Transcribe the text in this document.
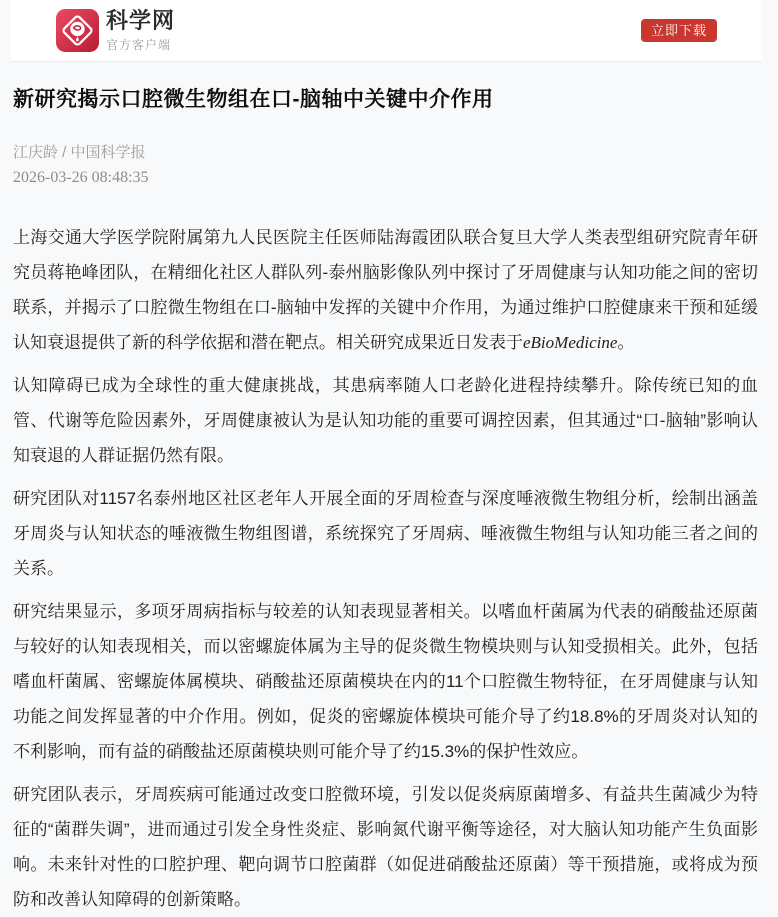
科学网
官方客户端
立即下载
新研究揭示口腔微生物组在口-脑轴中关键中介作用
江庆龄 / 中国科学报
2026-03-26 08:48:35

上海交通大学医学院附属第九人民医院主任医师陆海霞团队联合复旦大学人类表型组研究院青年研究员蒋艳峰团队，在精细化社区人群队列-泰州脑影像队列中探讨了牙周健康与认知功能之间的密切联系，并揭示了口腔微生物组在口-脑轴中发挥的关键中介作用，为通过维护口腔健康来干预和延缓认知衰退提供了新的科学依据和潜在靶点。相关研究成果近日发表于eBioMedicine。

认知障碍已成为全球性的重大健康挑战，其患病率随人口老龄化进程持续攀升。除传统已知的血管、代谢等危险因素外，牙周健康被认为是认知功能的重要可调控因素，但其通过“口-脑轴”影响认知衰退的人群证据仍然有限。

研究团队对1157名泰州地区社区老年人开展全面的牙周检查与深度唾液微生物组分析，绘制出涵盖牙周炎与认知状态的唾液微生物组图谱，系统探究了牙周病、唾液微生物组与认知功能三者之间的关系。

研究结果显示，多项牙周病指标与较差的认知表现显著相关。以嗜血杆菌属为代表的硝酸盐还原菌与较好的认知表现相关，而以密螺旋体属为主导的促炎微生物模块则与认知受损相关。此外，包括嗜血杆菌属、密螺旋体属模块、硝酸盐还原菌模块在内的11个口腔微生物特征，在牙周健康与认知功能之间发挥显著的中介作用。例如，促炎的密螺旋体模块可能介导了约18.8%的牙周炎对认知的不利影响，而有益的硝酸盐还原菌模块则可能介导了约15.3%的保护性效应。

研究团队表示，牙周疾病可能通过改变口腔微环境，引发以促炎病原菌增多、有益共生菌减少为特征的“菌群失调”，进而通过引发全身性炎症、影响氮代谢平衡等途径，对大脑认知功能产生负面影响。未来针对性的口腔护理、靶向调节口腔菌群（如促进硝酸盐还原菌）等干预措施，或将成为预防和改善认知障碍的创新策略。
